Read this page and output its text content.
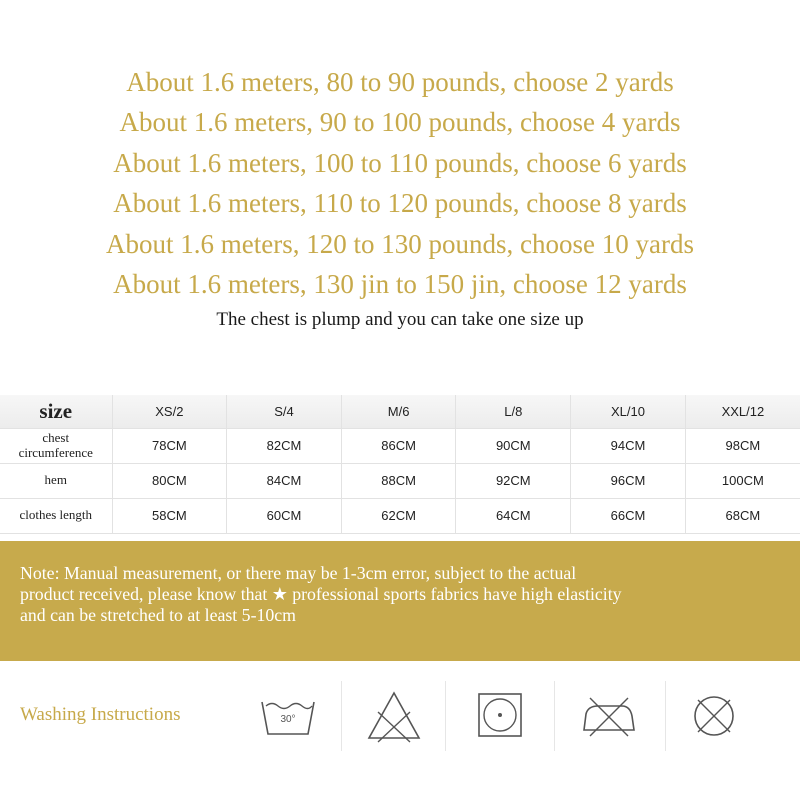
About 1.6 meters, 80 to 90 pounds, choose 2 yards
About 1.6 meters, 90 to 100 pounds, choose 4 yards
About 1.6 meters, 100 to 110 pounds, choose 6 yards
About 1.6 meters, 110 to 120 pounds, choose 8 yards
About 1.6 meters, 120 to 130 pounds, choose 10 yards
About 1.6 meters, 130 jin to 150 jin, choose 12 yards
The chest is plump and you can take one size up
size	XS/2	S/4	M/6	L/8	XL/10	XXL/12
chest
circumference	78CM	82CM	86CM	90CM	94CM	98CM
hem	80CM	84CM	88CM	92CM	96CM	100CM
clothes length	58CM	60CM	62CM	64CM	66CM	68CM
Note: Manual measurement, or there may be 1-3cm error, subject to the actual
product received, please know that ★ professional sports fabrics have high elasticity
and can be stretched to at least 5-10cm
Washing Instructions	30°
